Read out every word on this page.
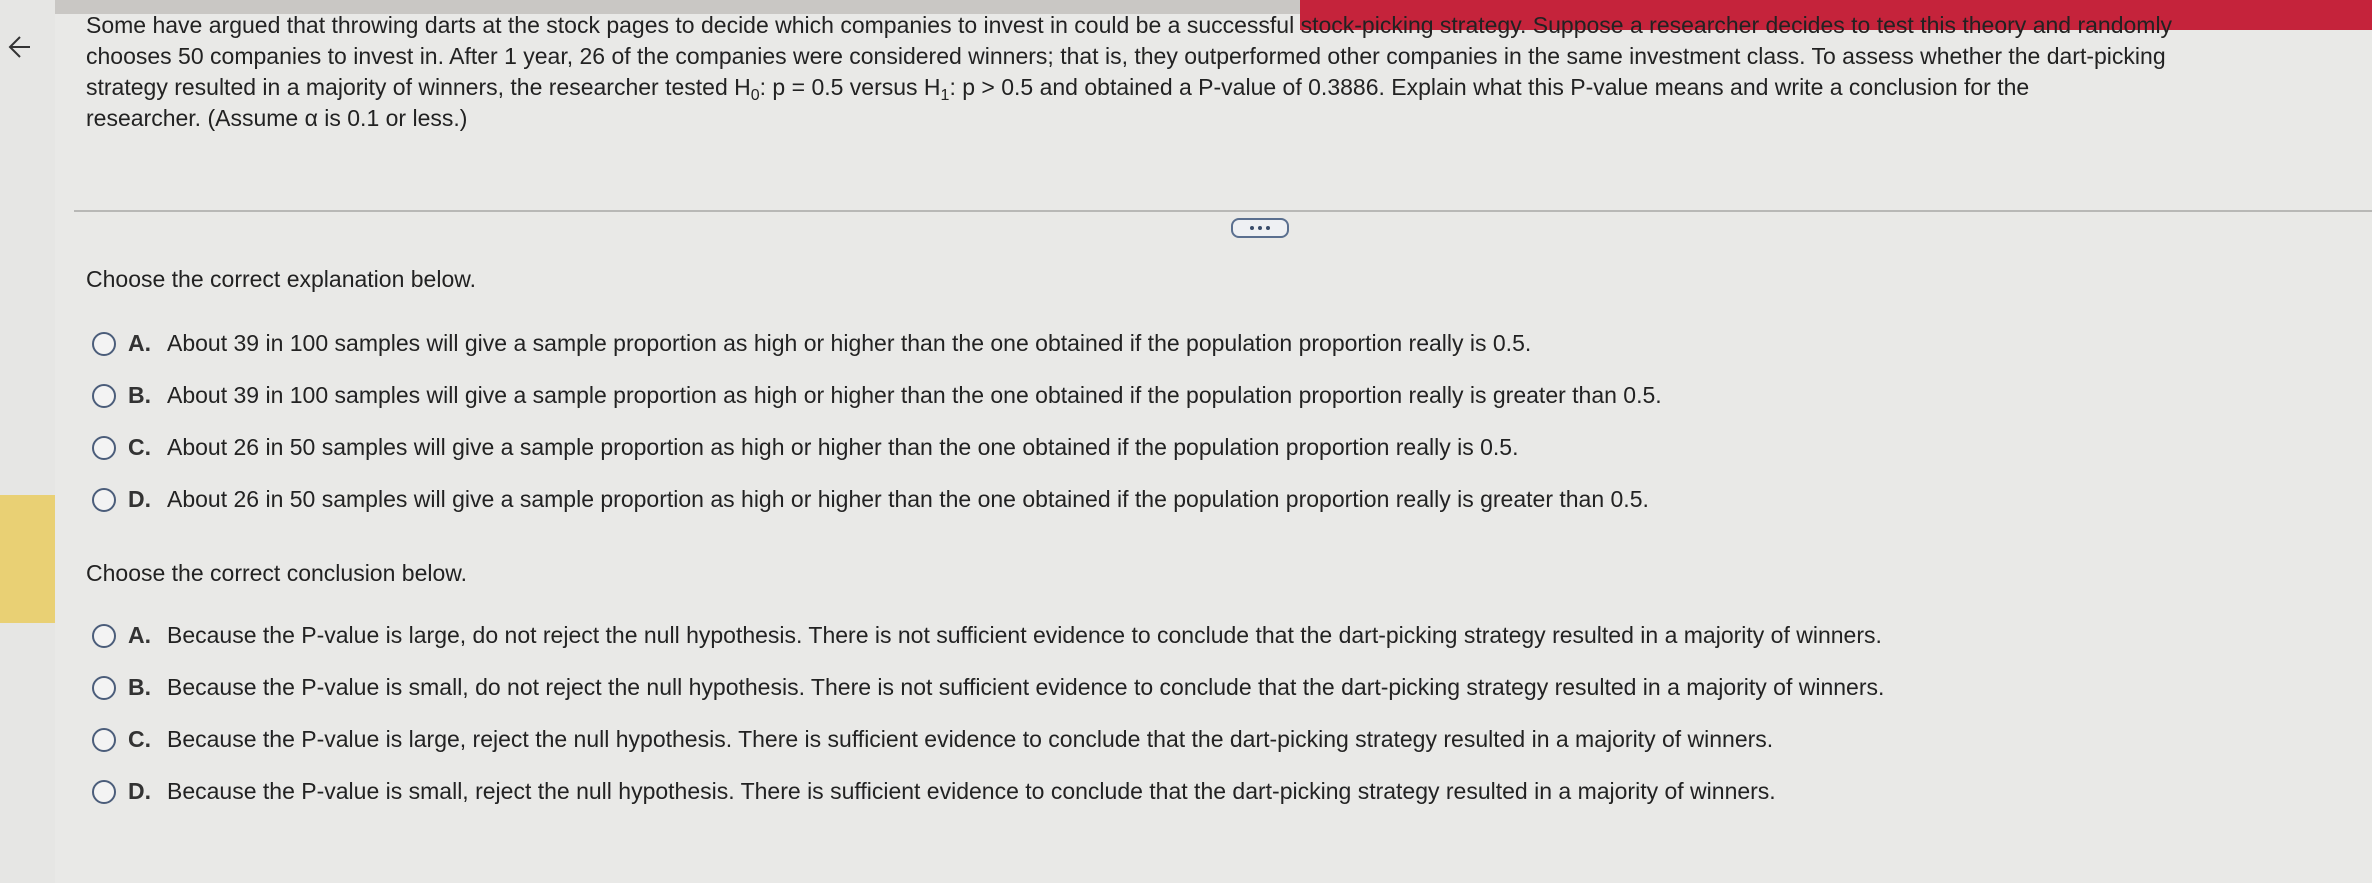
Some have argued that throwing darts at the stock pages to decide which companies to invest in could be a successful stock-picking strategy. Suppose a researcher decides to test this theory and randomly
chooses 50 companies to invest in. After 1 year, 26 of the companies were considered winners; that is, they outperformed other companies in the same investment class. To assess whether the dart-picking
strategy resulted in a majority of winners, the researcher tested $H_0$: p = 0.5 versus $H_1$: p > 0.5 and obtained a P-value of 0.3886. Explain what this P-value means and write a conclusion for the
researcher. (Assume α is 0.1 or less.)
Choose the correct explanation below.
A. About 39 in 100 samples will give a sample proportion as high or higher than the one obtained if the population proportion really is 0.5.
B. About 39 in 100 samples will give a sample proportion as high or higher than the one obtained if the population proportion really is greater than 0.5.
C. About 26 in 50 samples will give a sample proportion as high or higher than the one obtained if the population proportion really is 0.5.
D. About 26 in 50 samples will give a sample proportion as high or higher than the one obtained if the population proportion really is greater than 0.5.
Choose the correct conclusion below.
A. Because the P-value is large, do not reject the null hypothesis. There is not sufficient evidence to conclude that the dart-picking strategy resulted in a majority of winners.
B. Because the P-value is small, do not reject the null hypothesis. There is not sufficient evidence to conclude that the dart-picking strategy resulted in a majority of winners.
C. Because the P-value is large, reject the null hypothesis. There is sufficient evidence to conclude that the dart-picking strategy resulted in a majority of winners.
D. Because the P-value is small, reject the null hypothesis. There is sufficient evidence to conclude that the dart-picking strategy resulted in a majority of winners.
